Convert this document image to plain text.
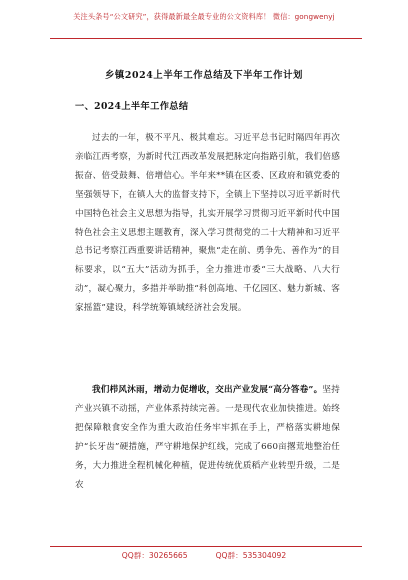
关注头条号“公文研究”，获得最新最全最专业的公文资料库！ 微信：gongwenyj
乡镇2024上半年工作总结及下半年工作计划
一、2024上半年工作总结
过去的一年，极不平凡、极其难忘。习近平总书记时隔四年再次亲临江西考察，为新时代江西改革发展把脉定向指路引航，我们倍感振奋、倍受鼓舞、倍增信心。半年来**镇在区委、区政府和镇党委的坚强领导下，在镇人大的监督支持下，全镇上下坚持以习近平新时代中国特色社会主义思想为指导，扎实开展学习贯彻习近平新时代中国特色社会主义思想主题教育，深入学习贯彻党的二十大精神和习近平总书记考察江西重要讲话精神，聚焦“走在前、勇争先、善作为”的目标要求，以“五大”活动为抓手，全力推进市委“三大战略、八大行动”，凝心聚力，多措并举助推“科创高地、千亿园区、魅力新城、客家摇篮”建设，科学统筹镇域经济社会发展。
我们栉风沐雨，增动力促增收，交出产业发展“高分答卷”。坚持产业兴镇不动摇，产业体系持续完善。一是现代农业加快推进。始终把保障粮食安全作为重大政治任务牢牢抓在手上，严格落实耕地保护“长牙齿”硬措施，严守耕地保护红线，完成了660亩撂荒地整治任务，大力推进全程机械化种植，促进传统优质稻产业转型升级，二是农
QQ群：30265665	QQ群：535304092
